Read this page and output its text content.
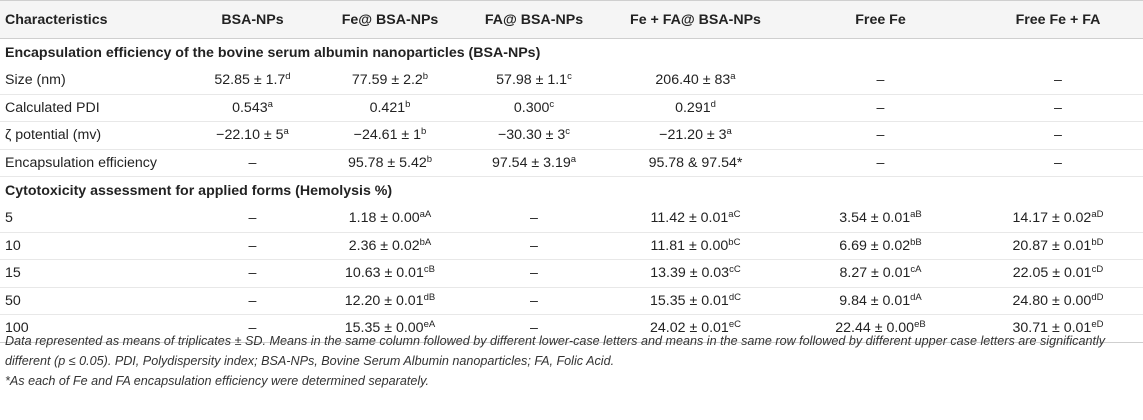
Characteristics	BSA-NPs	Fe@ BSA-NPs	FA@ BSA-NPs	Fe + FA@ BSA-NPs	Free Fe	Free Fe + FA
Encapsulation efficiency of the bovine serum albumin nanoparticles (BSA-NPs)						
Size (nm)	52.85 ± 1.7$^d$	77.59 ± 2.2$^b$	57.98 ± 1.1$^c$	$206.40 \pm 83^a$	–	–
Calculated PDI	0.543$^a$	0.421$^b$	0.300$^c$	0.291$^d$	–	–
ζ potential (mv)	$-22.10 \pm 5^a$	$-24.61 \pm 1^b$	$-30.30 \pm 3^c$	$-21.20 \pm 3^a$	–	–
Encapsulation efficiency	–	95.78 ± 5.42$^b$	97.54 ± 3.19$^a$	95.78 & 97.54*	–	–
Cytotoxicity assessment for applied forms (Hemolysis %)						
5	–	$1.18 \pm 0.00^{aA}$	–	$11.42 \pm 0.01^{aC}$	$3.54 \pm 0.01^{aB}$	$14.17 \pm 0.02^{aD}$
10	–	$2.36 \pm 0.02^{bA}$	–	$11.81 \pm 0.00^{bC}$	$6.69 \pm 0.02^{bB}$	$20.87 \pm 0.01^{bD}$
15	–	$10.63 \pm 0.01^{cB}$	–	$13.39 \pm 0.03^{cC}$	$8.27 \pm 0.01^{cA}$	$22.05 \pm 0.01^{cD}$
50	–	$12.20 \pm 0.01^{dB}$	–	$15.35 \pm 0.01^{dC}$	$9.84 \pm 0.01^{dA}$	$24.80 \pm 0.00^{dD}$
100	–	$15.35 \pm 0.00^{eA}$	–	$24.02 \pm 0.01^{eC}$	$22.44 \pm 0.00^{eB}$	$30.71 \pm 0.01^{eD}$

Data represented as means of triplicates ± SD. Means in the same column followed by different lower-case letters and means in the same row followed by different upper case letters are significantly different (p ≤ 0.05). PDI, Polydispersity index; BSA-NPs, Bovine Serum Albumin nanoparticles; FA, Folic Acid.

*As each of Fe and FA encapsulation efficiency were determined separately.
